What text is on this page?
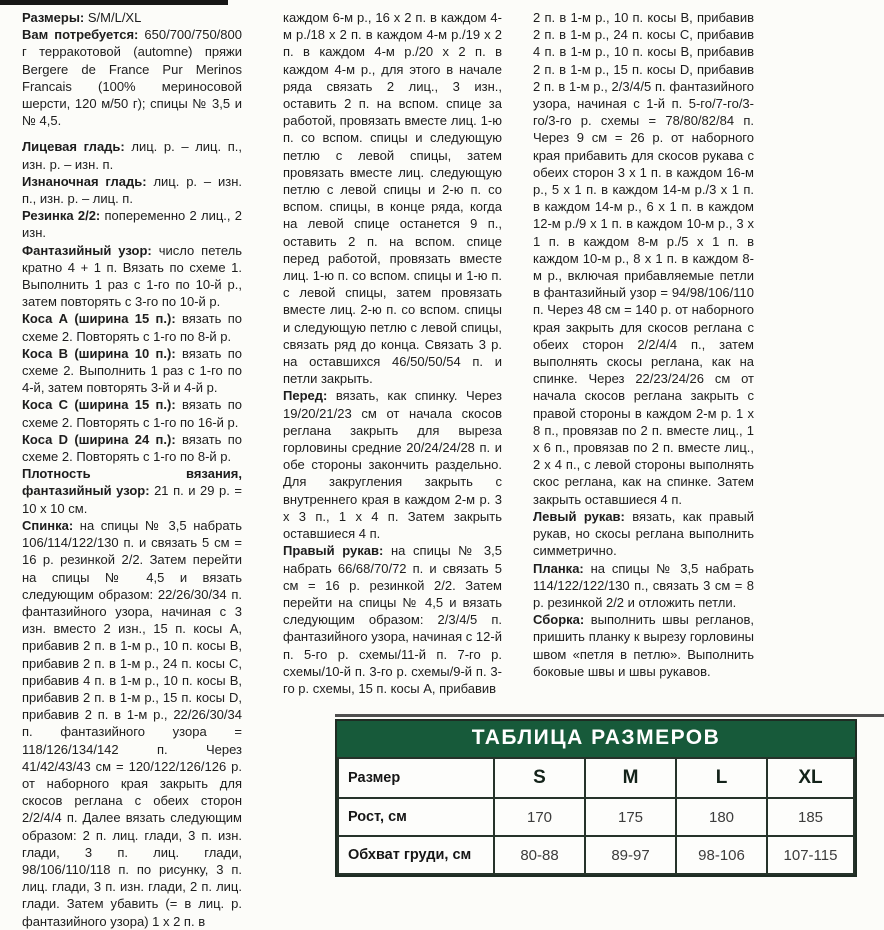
Размеры: S/M/L/XL
Вам потребуется: 650/700/750/800 г терракотовой (automne) пряжи Bergere de France Pur Merinos Francais (100% мериносовой шерсти, 120 м/50 г); спицы № 3,5 и № 4,5.
Лицевая гладь: лиц. р. – лиц. п., изн. р. – изн. п.
Изнаночная гладь: лиц. р. – изн. п., изн. р. – лиц. п.
Резинка 2/2: попеременно 2 лиц., 2 изн.
Фантазийный узор: число петель кратно 4 + 1 п. Вязать по схеме 1. Выполнить 1 раз с 1-го по 10-й р., затем повторять с 3-го по 10-й р.
Коса А (ширина 15 п.): вязать по схеме 2. Повторять с 1-го по 8-й р.
Коса В (ширина 10 п.): вязать по схеме 2. Выполнить 1 раз с 1-го по 4-й, затем повторять 3-й и 4-й р.
Коса С (ширина 15 п.): вязать по схеме 2. Повторять с 1-го по 16-й р.
Коса D (ширина 24 п.): вязать по схеме 2. Повторять с 1-го по 8-й р.
Плотность вязания, фантазийный узор: 21 п. и 29 р. = 10 х 10 см.
Спинка: на спицы № 3,5 набрать 106/114/122/130 п. и связать 5 см = 16 р. резинкой 2/2. Затем перейти на спицы № 4,5 и вязать следующим образом: 22/26/30/34 п. фантазийного узора, начиная с 3 изн. вместо 2 изн., 15 п. косы А, прибавив 2 п. в 1-м р., 10 п. косы В, прибавив 2 п. в 1-м р., 24 п. косы С, прибавив 4 п. в 1-м р., 10 п. косы В, прибавив 2 п. в 1-м р., 15 п. косы D, прибавив 2 п. в 1-м р., 22/26/30/34 п. фантазийного узора = 118/126/134/142 п. Через 41/42/43/43 см = 120/122/126/126 р. от наборного края закрыть для скосов реглана с обеих сторон 2/2/4/4 п. Далее вязать следующим образом: 2 п. лиц. глади, 3 п. изн. глади, 3 п. лиц. глади, 98/106/110/118 п. по рисунку, 3 п. лиц. глади, 3 п. изн. глади, 2 п. лиц. глади. Затем убавить (= в лиц. р. фантазийного узора) 1 х 2 п. в
каждом 6-м р., 16 х 2 п. в каждом 4-м р./18 х 2 п. в каждом 4-м р./19 х 2 п. в каждом 4-м р./20 х 2 п. в каждом 4-м р., для этого в начале ряда связать 2 лиц., 3 изн., оставить 2 п. на вспом. спице за работой, провязать вместе лиц. 1-ю п. со вспом. спицы и следующую петлю с левой спицы, затем провязать вместе лиц. следующую петлю с левой спицы и 2-ю п. со вспом. спицы, в конце ряда, когда на левой спице останется 9 п., оставить 2 п. на вспом. спице перед работой, провязать вместе лиц. 1-ю п. со вспом. спицы и 1-ю п. с левой спицы, затем провязать вместе лиц. 2-ю п. со вспом. спицы и следующую петлю с левой спицы, связать ряд до конца. Связать 3 р. на оставшихся 46/50/50/54 п. и петли закрыть.
Перед: вязать, как спинку. Через 19/20/21/23 см от начала скосов реглана закрыть для выреза горловины средние 20/24/24/28 п. и обе стороны закончить раздельно. Для закругления закрыть с внутреннего края в каждом 2-м р. 3 х 3 п., 1 х 4 п. Затем закрыть оставшиеся 4 п.
Правый рукав: на спицы № 3,5 набрать 66/68/70/72 п. и связать 5 см = 16 р. резинкой 2/2. Затем перейти на спицы № 4,5 и вязать следующим образом: 2/3/4/5 п. фантазийного узора, начиная с 12-й п. 5-го р. схемы/11-й п. 7-го р. схемы/10-й п. 3-го р. схемы/9-й п. 3-го р. схемы, 15 п. косы А, прибавив
2 п. в 1-м р., 10 п. косы В, прибавив 2 п. в 1-м р., 24 п. косы С, прибавив 4 п. в 1-м р., 10 п. косы В, прибавив 2 п. в 1-м р., 15 п. косы D, прибавив 2 п. в 1-м р., 2/3/4/5 п. фантазийного узора, начиная с 1-й п. 5-го/7-го/3-го/3-го р. схемы = 78/80/82/84 п. Через 9 см = 26 р. от наборного края прибавить для скосов рукава с обеих сторон 3 х 1 п. в каждом 16-м р., 5 х 1 п. в каждом 14-м р./3 х 1 п. в каждом 14-м р., 6 х 1 п. в каждом 12-м р./9 х 1 п. в каждом 10-м р., 3 х 1 п. в каждом 8-м р./5 х 1 п. в каждом 10-м р., 8 х 1 п. в каждом 8-м р., включая прибавляемые петли в фантазийный узор = 94/98/106/110 п. Через 48 см = 140 р. от наборного края закрыть для скосов реглана с обеих сторон 2/2/4/4 п., затем выполнять скосы реглана, как на спинке. Через 22/23/24/26 см от начала скосов реглана закрыть с правой стороны в каждом 2-м р. 1 х 8 п., провязав по 2 п. вместе лиц., 1 х 6 п., провязав по 2 п. вместе лиц., 2 х 4 п., с левой стороны выполнять скос реглана, как на спинке. Затем закрыть оставшиеся 4 п.
Левый рукав: вязать, как правый рукав, но скосы реглана выполнить симметрично.
Планка: на спицы № 3,5 набрать 114/122/122/130 п., связать 3 см = 8 р. резинкой 2/2 и отложить петли.
Сборка: выполнить швы регланов, пришить планку к вырезу горловины швом «петля в петлю». Выполнить боковые швы и швы рукавов.
ТАБЛИЦА РАЗМЕРОВ
Размер	S	M	L	XL
Рост, см	170	175	180	185
Обхват груди, см	80-88	89-97	98-106	107-115
